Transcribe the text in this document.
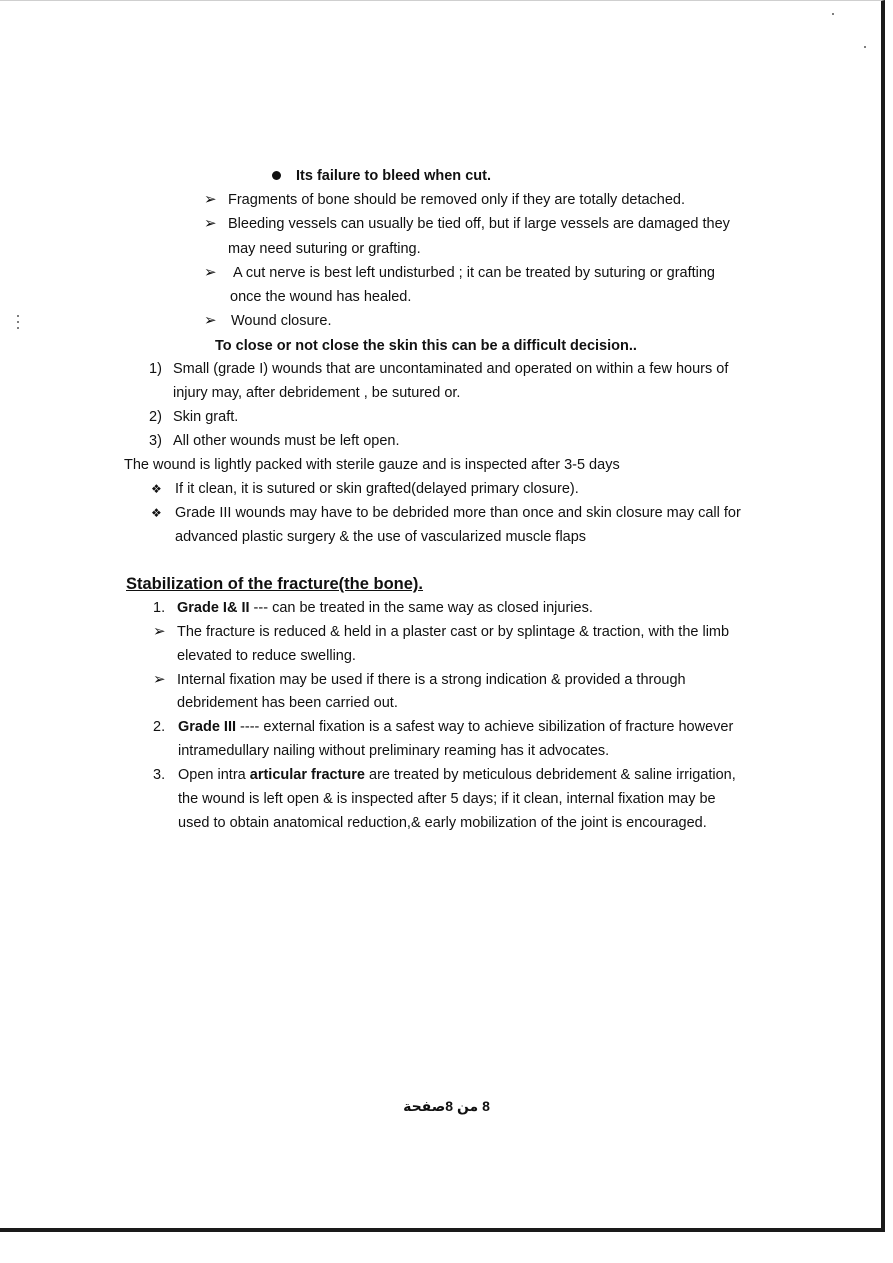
Its failure to bleed when cut.
➢ Fragments of bone should be removed only if they are totally detached.
➢ Bleeding vessels can usually be tied off, but if large vessels are damaged they
may need suturing or grafting.
➢ A cut nerve is best left undisturbed ; it can be treated by suturing or grafting
once the wound has healed.
➢ Wound closure.
To close or not close the skin this can be a difficult decision..
1) Small (grade I) wounds that are uncontaminated and operated on within a few hours of
injury may, after debridement , be sutured or.
2) Skin graft.
3) All other wounds must be left open.
The wound is lightly packed with sterile gauze and is inspected after 3-5 days
❖ If it clean, it is sutured or skin grafted(delayed primary closure).
❖ Grade III wounds may have to be debrided more than once and skin closure may call for
advanced plastic surgery & the use of vascularized muscle flaps
Stabilization of the fracture(the bone).
1. Grade I& II --- can be treated in the same way as closed injuries.
➢ The fracture is reduced & held in a plaster cast or by splintage & traction, with the limb
elevated to reduce swelling.
➢ Internal fixation may be used if there is a strong indication & provided a through
debridement has been carried out.
2. Grade III ---- external fixation is a safest way to achieve sibilization of fracture however
intramedullary nailing without preliminary reaming has it advocates.
3. Open intra articular fracture are treated by meticulous debridement & saline irrigation,
the wound is left open & is inspected after 5 days; if it clean, internal fixation may be
used to obtain anatomical reduction,& early mobilization of the joint is encouraged.
8 من 8صفحة
